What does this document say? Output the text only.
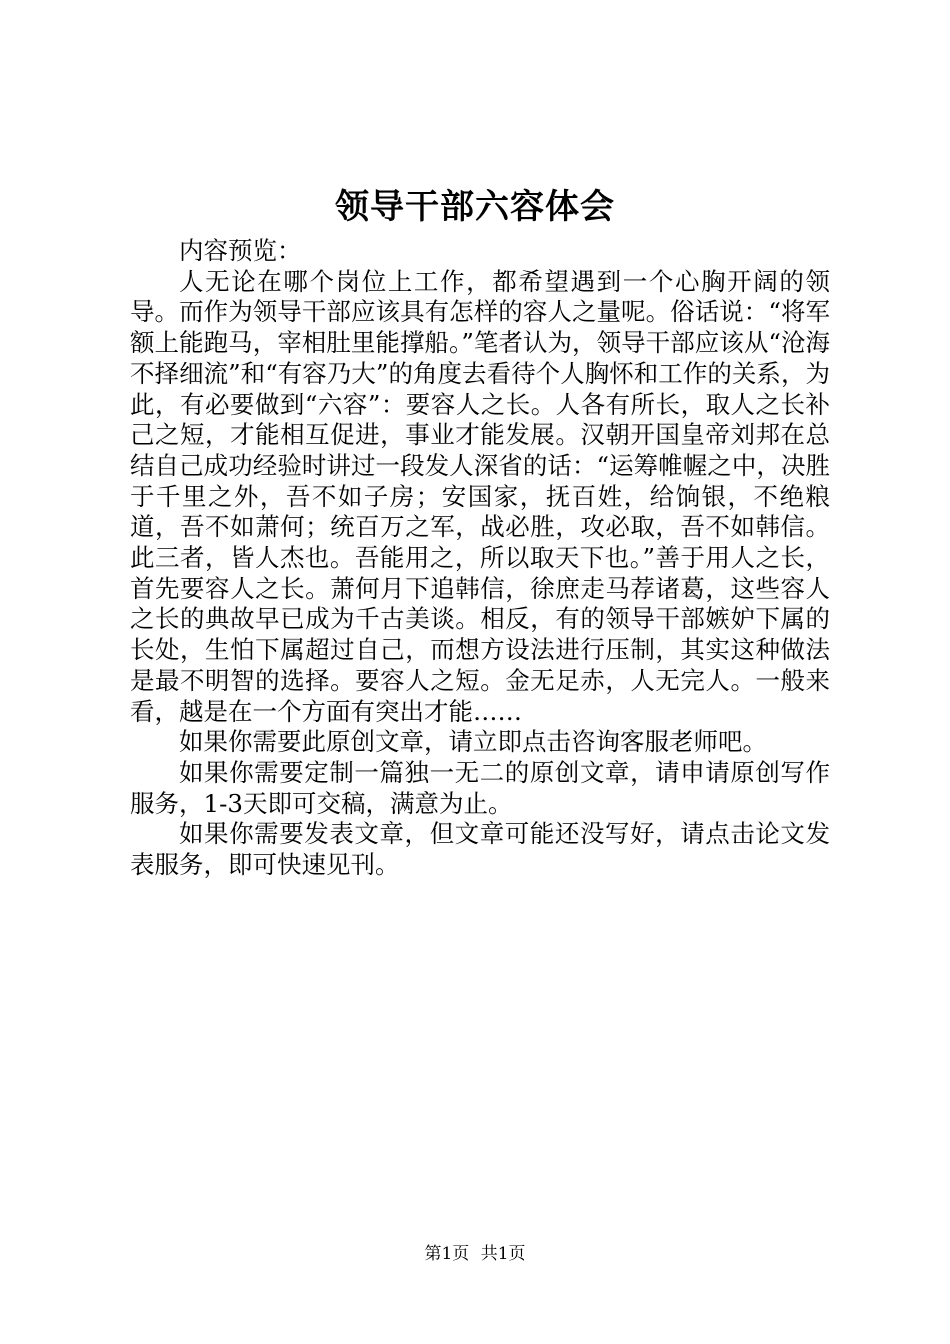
领导干部六容体会

内容预览：

人无论在哪个岗位上工作，都希望遇到一个心胸开阔的领导。而作为领导干部应该具有怎样的容人之量呢。俗话说：“将军额上能跑马，宰相肚里能撑船。”笔者认为，领导干部应该从“沧海不择细流”和“有容乃大”的角度去看待个人胸怀和工作的关系，为此，有必要做到“六容”：要容人之长。人各有所长，取人之长补己之短，才能相互促进，事业才能发展。汉朝开国皇帝刘邦在总结自己成功经验时讲过一段发人深省的话：“运筹帷幄之中，决胜于千里之外，吾不如子房；安国家，抚百姓，给饷银，不绝粮道，吾不如萧何；统百万之军，战必胜，攻必取，吾不如韩信。此三者，皆人杰也。吾能用之，所以取天下也。”善于用人之长，首先要容人之长。萧何月下追韩信，徐庶走马荐诸葛，这些容人之长的典故早已成为千古美谈。相反，有的领导干部嫉妒下属的长处，生怕下属超过自己，而想方设法进行压制，其实这种做法是最不明智的选择。要容人之短。金无足赤，人无完人。一般来看，越是在一个方面有突出才能……

如果你需要此原创文章，请立即点击咨询客服老师吧。

如果你需要定制一篇独一无二的原创文章，请申请原创写作服务，1-3天即可交稿，满意为止。

如果你需要发表文章，但文章可能还没写好，请点击论文发表服务，即可快速见刊。

第1页 共1页
